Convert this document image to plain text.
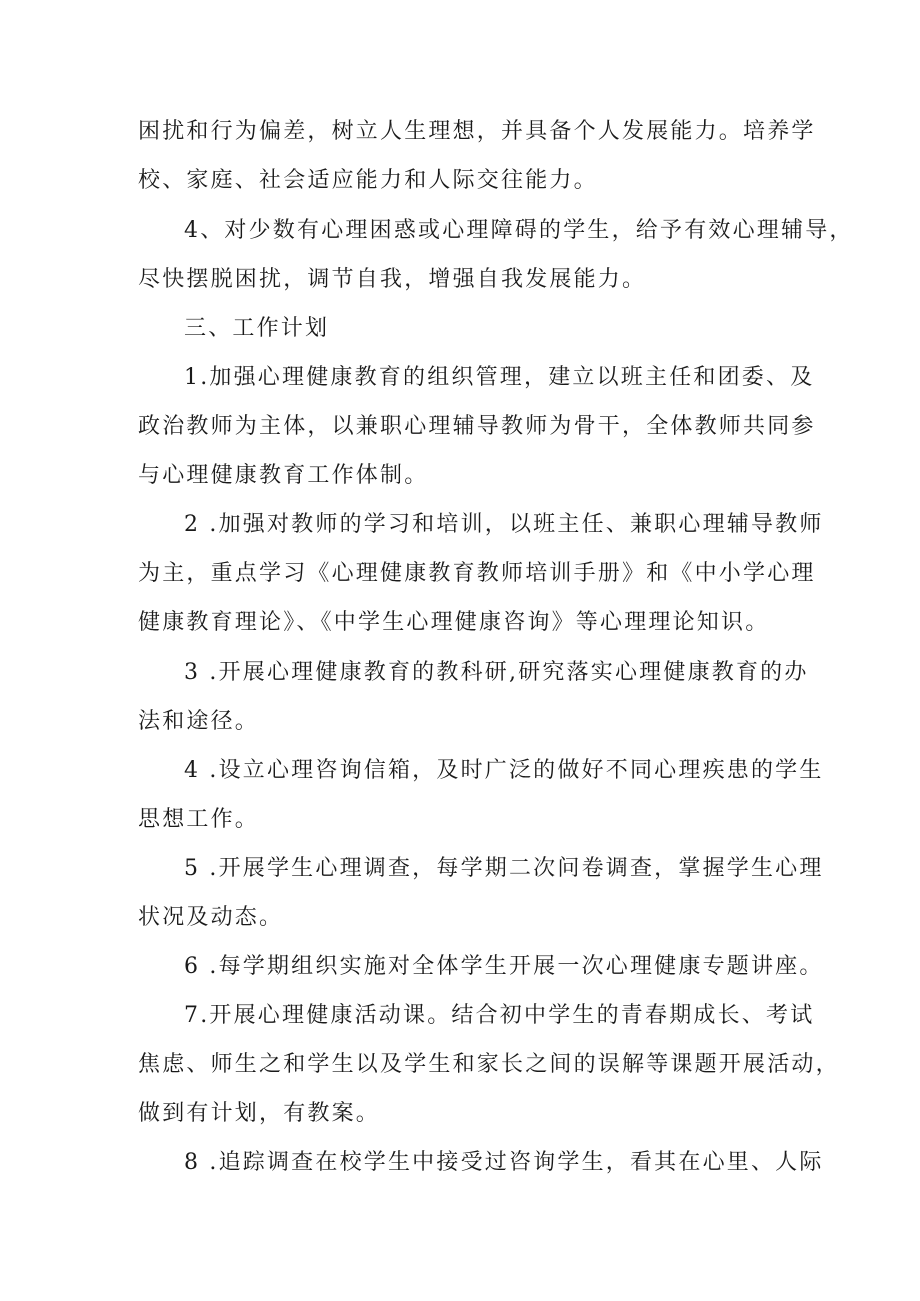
困扰和行为偏差，树立人生理想，并具备个人发展能力。培养学
校、家庭、社会适应能力和人际交往能力。
4、对少数有心理困惑或心理障碍的学生，给予有效心理辅导，
尽快摆脱困扰，调节自我，增强自我发展能力。
三、工作计划
1.加强心理健康教育的组织管理，建立以班主任和团委、及
政治教师为主体，以兼职心理辅导教师为骨干，全体教师共同参
与心理健康教育工作体制。
2 .加强对教师的学习和培训，以班主任、兼职心理辅导教师
为主，重点学习《心理健康教育教师培训手册》和《中小学心理
健康教育理论》、《中学生心理健康咨询》等心理理论知识。
3 .开展心理健康教育的教科研,研究落实心理健康教育的办
法和途径。
4 .设立心理咨询信箱，及时广泛的做好不同心理疾患的学生
思想工作。
5 .开展学生心理调查，每学期二次问卷调查，掌握学生心理
状况及动态。
6 .每学期组织实施对全体学生开展一次心理健康专题讲座。
7.开展心理健康活动课。结合初中学生的青春期成长、考试
焦虑、师生之和学生以及学生和家长之间的误解等课题开展活动，
做到有计划，有教案。
8 .追踪调查在校学生中接受过咨询学生，看其在心里、人际
